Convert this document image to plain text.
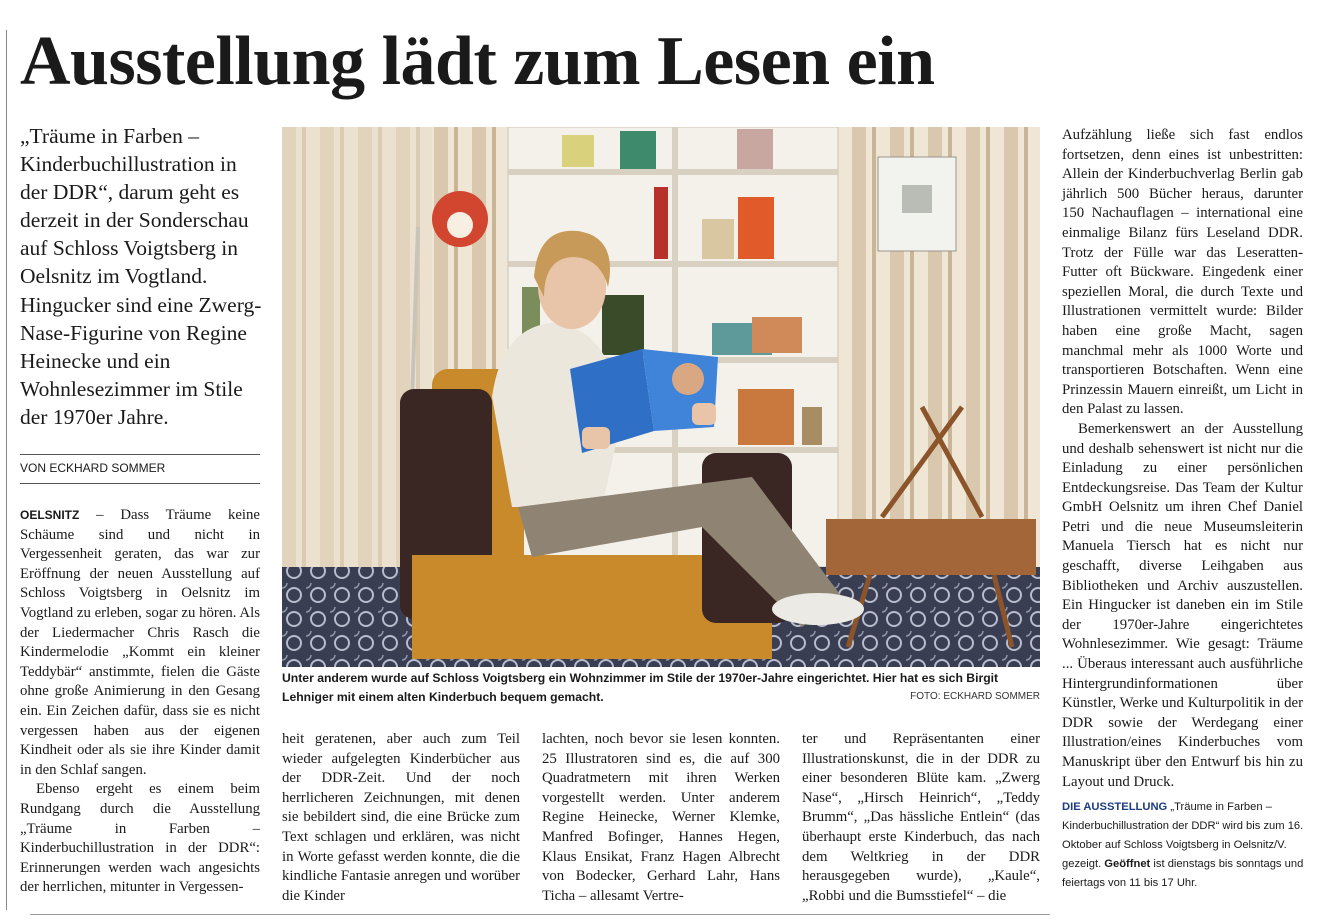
Ausstellung lädt zum Lesen ein
„Träume in Farben – Kinderbuchillustration in der DDR“, darum geht es derzeit in der Sonderschau auf Schloss Voigtsberg in Oelsnitz im Vogtland. Hingucker sind eine Zwerg-Nase-Figurine von Regine Heinecke und ein Wohnlesezimmer im Stile der 1970er Jahre.
VON ECKHARD SOMMER

OELSNITZ – Dass Träume keine Schäume sind und nicht in Vergessenheit geraten, das war zur Eröffnung der neuen Ausstellung auf Schloss Voigtsberg in Oelsnitz im Vogtland zu erleben, sogar zu hören. Als der Liedermacher Chris Rasch die Kindermelodie „Kommt ein kleiner Teddybär“ anstimmte, fielen die Gäste ohne große Animierung in den Gesang ein. Ein Zeichen dafür, dass sie es nicht vergessen haben aus der eigenen Kindheit oder als sie ihre Kinder damit in den Schlaf sangen.

Ebenso ergeht es einem beim Rundgang durch die Ausstellung „Träume in Farben – Kinderbuchillustration in der DDR“: Erinnerungen werden wach angesichts der herrlichen, mitunter in Vergessen-

Unter anderem wurde auf Schloss Voigtsberg ein Wohnzimmer im Stile der 1970er-Jahre eingerichtet. Hier hat es sich Birgit Lehniger mit einem alten Kinderbuch bequem gemacht.	FOTO: ECKHARD SOMMER
heit geratenen, aber auch zum Teil wieder aufgelegten Kinderbücher aus der DDR-Zeit. Und der noch herrlicheren Zeichnungen, mit denen sie bebildert sind, die eine Brücke zum Text schlagen und erklären, was nicht in Worte gefasst werden konnte, die die kindliche Fantasie anregen und worüber die Kinder
lachten, noch bevor sie lesen konnten. 25 Illustratoren sind es, die auf 300 Quadratmetern mit ihren Werken vorgestellt werden. Unter anderem Regine Heinecke, Werner Klemke, Manfred Bofinger, Hannes Hegen, Klaus Ensikat, Franz Hagen Albrecht von Bodecker, Gerhard Lahr, Hans Ticha – allesamt Vertre-
ter und Repräsentanten einer Illustrationskunst, die in der DDR zu einer besonderen Blüte kam. „Zwerg Nase“, „Hirsch Heinrich“, „Teddy Brumm“, „Das hässliche Entlein“ (das überhaupt erste Kinderbuch, das nach dem Weltkrieg in der DDR herausgegeben wurde), „Kaule“, „Robbi und die Bumsstiefel“ – die

Aufzählung ließe sich fast endlos fortsetzen, denn eines ist unbestritten: Allein der Kinderbuchverlag Berlin gab jährlich 500 Bücher heraus, darunter 150 Nachauflagen – international eine einmalige Bilanz fürs Leseland DDR. Trotz der Fülle war das Leseratten-Futter oft Bückware. Eingedenk einer speziellen Moral, die durch Texte und Illustrationen vermittelt wurde: Bilder haben eine große Macht, sagen manchmal mehr als 1000 Worte und transportieren Botschaften. Wenn eine Prinzessin Mauern einreißt, um Licht in den Palast zu lassen.

Bemerkenswert an der Ausstellung und deshalb sehenswert ist nicht nur die Einladung zu einer persönlichen Entdeckungsreise. Das Team der Kultur GmbH Oelsnitz um ihren Chef Daniel Petri und die neue Museumsleiterin Manuela Tiersch hat es nicht nur geschafft, diverse Leihgaben aus Bibliotheken und Archiv auszustellen. Ein Hingucker ist daneben ein im Stile der 1970er-Jahre eingerichtetes Wohnlesezimmer. Wie gesagt: Träume ... Überaus interessant auch ausführliche Hintergrundinformationen über Künstler, Werke und Kulturpolitik in der DDR sowie der Werdegang einer Illustration/eines Kinderbuches vom Manuskript über den Entwurf bis hin zu Layout und Druck.

DIE AUSSTELLUNG „Träume in Farben – Kinderbuchillustration der DDR“ wird bis zum 16. Oktober auf Schloss Voigtsberg in Oelsnitz/V. gezeigt. Geöffnet ist dienstags bis sonntags und feiertags von 11 bis 17 Uhr.
